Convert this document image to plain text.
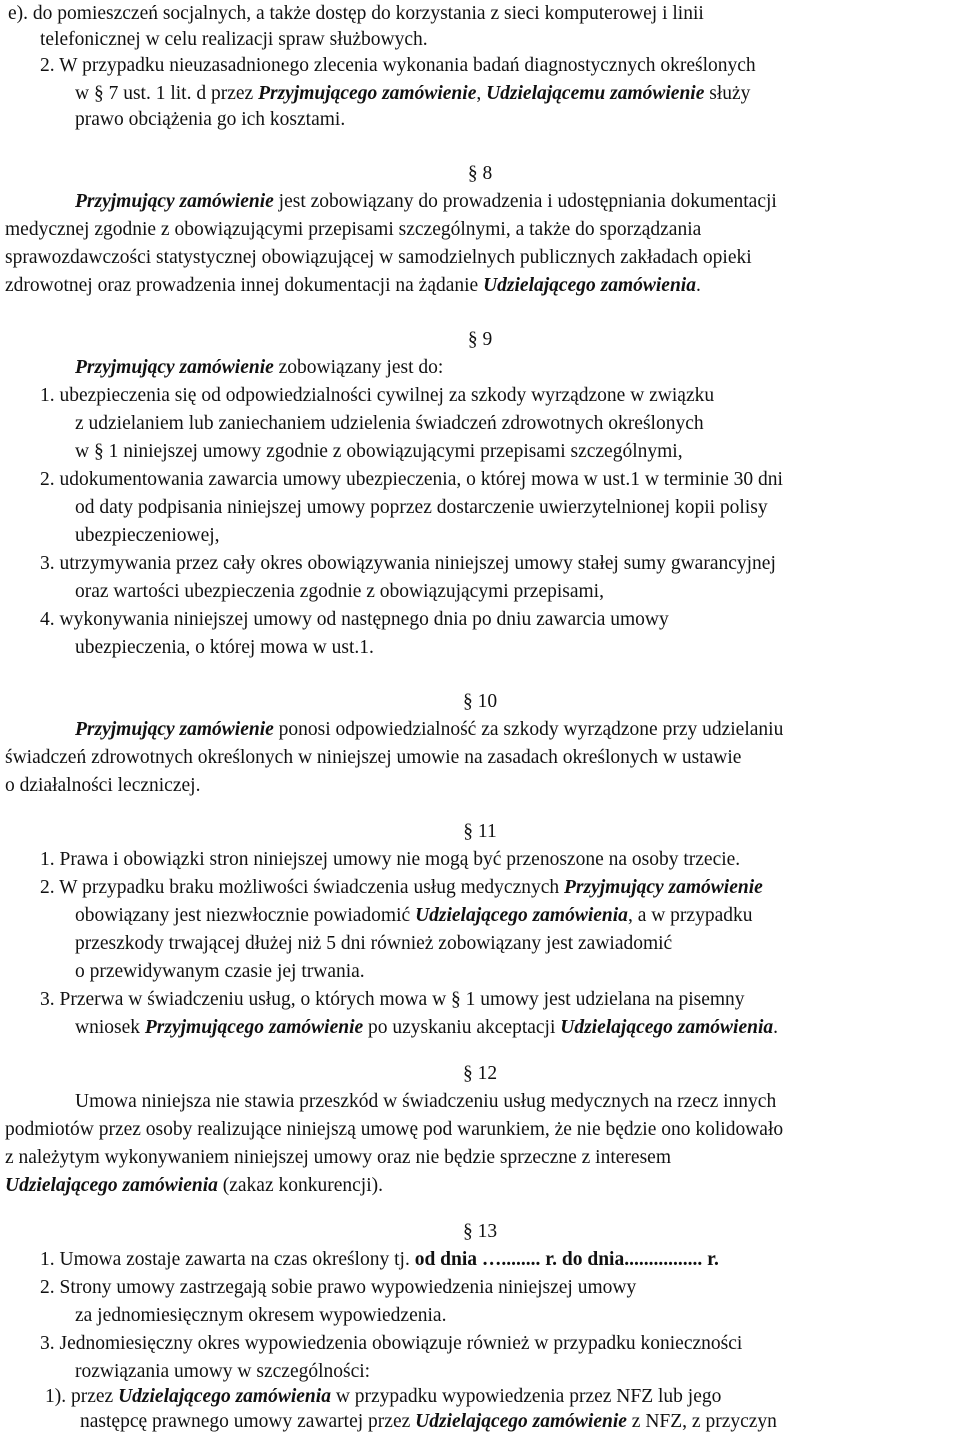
e). do pomieszczeń socjalnych, a także dostęp do korzystania z sieci komputerowej i linii
telefonicznej w celu realizacji spraw służbowych.
2. W przypadku nieuzasadnionego zlecenia wykonania badań diagnostycznych określonych
w § 7 ust. 1 lit. d przez Przyjmującego zamówienie, Udzielającemu zamówienie służy
prawo obciążenia go ich kosztami.
§ 8
Przyjmujący zamówienie jest zobowiązany do prowadzenia i udostępniania dokumentacji
medycznej zgodnie z obowiązującymi przepisami szczególnymi, a także do sporządzania
sprawozdawczości statystycznej obowiązującej w samodzielnych publicznych zakładach opieki
zdrowotnej oraz prowadzenia innej dokumentacji na żądanie Udzielającego zamówienia.
§ 9
Przyjmujący zamówienie zobowiązany jest do:
1. ubezpieczenia się od odpowiedzialności cywilnej za szkody wyrządzone w związku
z udzielaniem lub zaniechaniem udzielenia świadczeń zdrowotnych określonych
w § 1 niniejszej umowy zgodnie z obowiązującymi przepisami szczególnymi,
2. udokumentowania zawarcia umowy ubezpieczenia, o której mowa w ust.1 w terminie 30 dni
od daty podpisania niniejszej umowy poprzez dostarczenie uwierzytelnionej kopii polisy
ubezpieczeniowej,
3. utrzymywania przez cały okres obowiązywania niniejszej umowy stałej sumy gwarancyjnej
oraz wartości ubezpieczenia zgodnie z obowiązującymi przepisami,
4. wykonywania niniejszej umowy od następnego dnia po dniu zawarcia umowy
ubezpieczenia, o której mowa w ust.1.
§ 10
Przyjmujący zamówienie ponosi odpowiedzialność za szkody wyrządzone przy udzielaniu
świadczeń zdrowotnych określonych w niniejszej umowie na zasadach określonych w ustawie
o działalności leczniczej.
§ 11
1. Prawa i obowiązki stron niniejszej umowy nie mogą być przenoszone na osoby trzecie.
2. W przypadku braku możliwości świadczenia usług medycznych Przyjmujący zamówienie
obowiązany jest niezwłocznie powiadomić Udzielającego zamówienia, a w przypadku
przeszkody trwającej dłużej niż 5 dni również zobowiązany jest zawiadomić
o przewidywanym czasie jej trwania.
3. Przerwa w świadczeniu usług, o których mowa w § 1 umowy jest udzielana na pisemny
wniosek Przyjmującego zamówienie po uzyskaniu akceptacji Udzielającego zamówienia.
§ 12
Umowa niniejsza nie stawia przeszkód w świadczeniu usług medycznych na rzecz innych
podmiotów przez osoby realizujące niniejszą umowę pod warunkiem, że nie będzie ono kolidowało
z należytym wykonywaniem niniejszej umowy oraz nie będzie sprzeczne z interesem
Udzielającego zamówienia (zakaz konkurencji).
§ 13
1. Umowa zostaje zawarta na czas określony tj. od dnia …........ r. do dnia................ r.
2. Strony umowy zastrzegają sobie prawo wypowiedzenia niniejszej umowy
za jednomiesięcznym okresem wypowiedzenia.
3. Jednomiesięczny okres wypowiedzenia obowiązuje również w przypadku konieczności
rozwiązania umowy w szczególności:
1). przez Udzielającego zamówienia w przypadku wypowiedzenia przez NFZ lub jego
następcę prawnego umowy zawartej przez Udzielającego zamówienie z NFZ, z przyczyn
